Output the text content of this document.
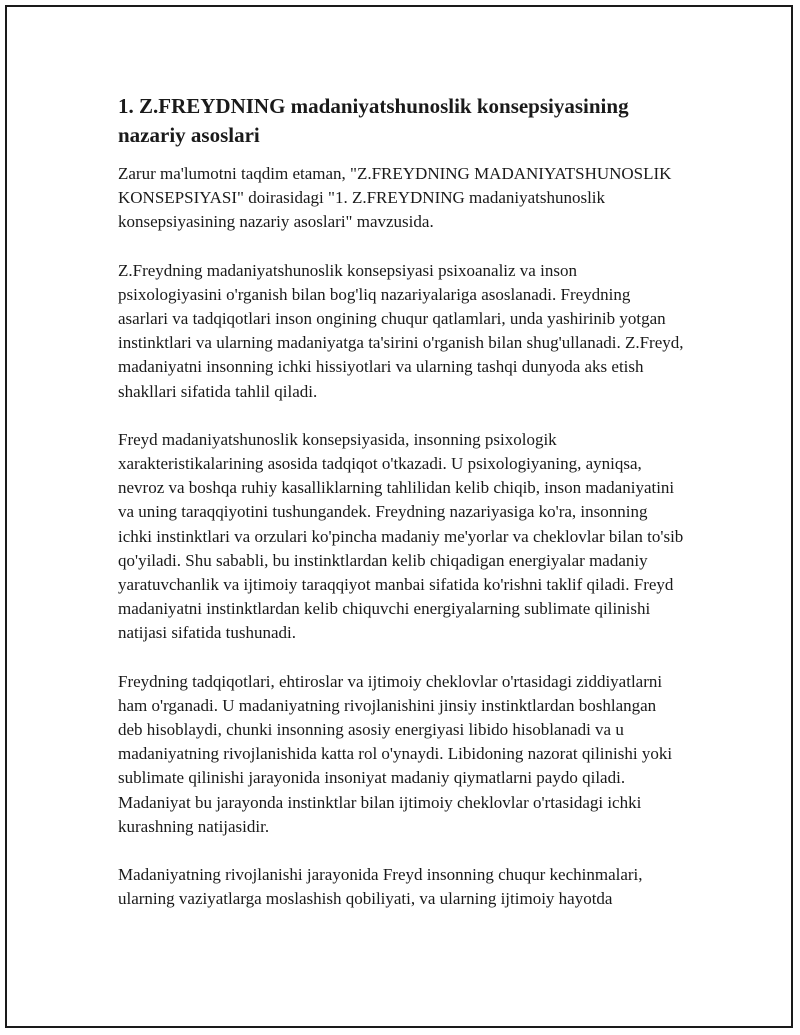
1. Z.FREYDNING madaniyatshunoslik konsepsiyasining nazariy asoslari

Zarur ma'lumotni taqdim etaman, "Z.FREYDNING MADANIYATSHUNOSLIK KONSEPSIYASI" doirasidagi "1. Z.FREYDNING madaniyatshunoslik konsepsiyasining nazariy asoslari" mavzusida.

Z.Freydning madaniyatshunoslik konsepsiyasi psixoanaliz va inson psixologiyasini o'rganish bilan bog'liq nazariyalariga asoslanadi. Freydning asarlari va tadqiqotlari inson ongining chuqur qatlamlari, unda yashirinib yotgan instinktlari va ularning madaniyatga ta'sirini o'rganish bilan shug'ullanadi. Z.Freyd, madaniyatni insonning ichki hissiyotlari va ularning tashqi dunyoda aks etish shakllari sifatida tahlil qiladi.

Freyd madaniyatshunoslik konsepsiyasida, insonning psixologik xarakteristikalarining asosida tadqiqot o'tkazadi. U psixologiyaning, ayniqsa, nevroz va boshqa ruhiy kasalliklarning tahlilidan kelib chiqib, inson madaniyatini va uning taraqqiyotini tushungandek. Freydning nazariyasiga ko'ra, insonning ichki instinktlari va orzulari ko'pincha madaniy me'yorlar va cheklovlar bilan to'sib qo'yiladi. Shu sababli, bu instinktlardan kelib chiqadigan energiyalar madaniy yaratuvchanlik va ijtimoiy taraqqiyot manbai sifatida ko'rishni taklif qiladi. Freyd madaniyatni instinktlardan kelib chiquvchi energiyalarning sublimate qilinishi natijasi sifatida tushunadi.

Freydning tadqiqotlari, ehtiroslar va ijtimoiy cheklovlar o'rtasidagi ziddiyatlarni ham o'rganadi. U madaniyatning rivojlanishini jinsiy instinktlardan boshlangan deb hisoblaydi, chunki insonning asosiy energiyasi libido hisoblanadi va u madaniyatning rivojlanishida katta rol o'ynaydi. Libidoning nazorat qilinishi yoki sublimate qilinishi jarayonida insoniyat madaniy qiymatlarni paydo qiladi. Madaniyat bu jarayonda instinktlar bilan ijtimoiy cheklovlar o'rtasidagi ichki kurashning natijasidir.

Madaniyatning rivojlanishi jarayonida Freyd insonning chuqur kechinmalari, ularning vaziyatlarga moslashish qobiliyati, va ularning ijtimoiy hayotda
